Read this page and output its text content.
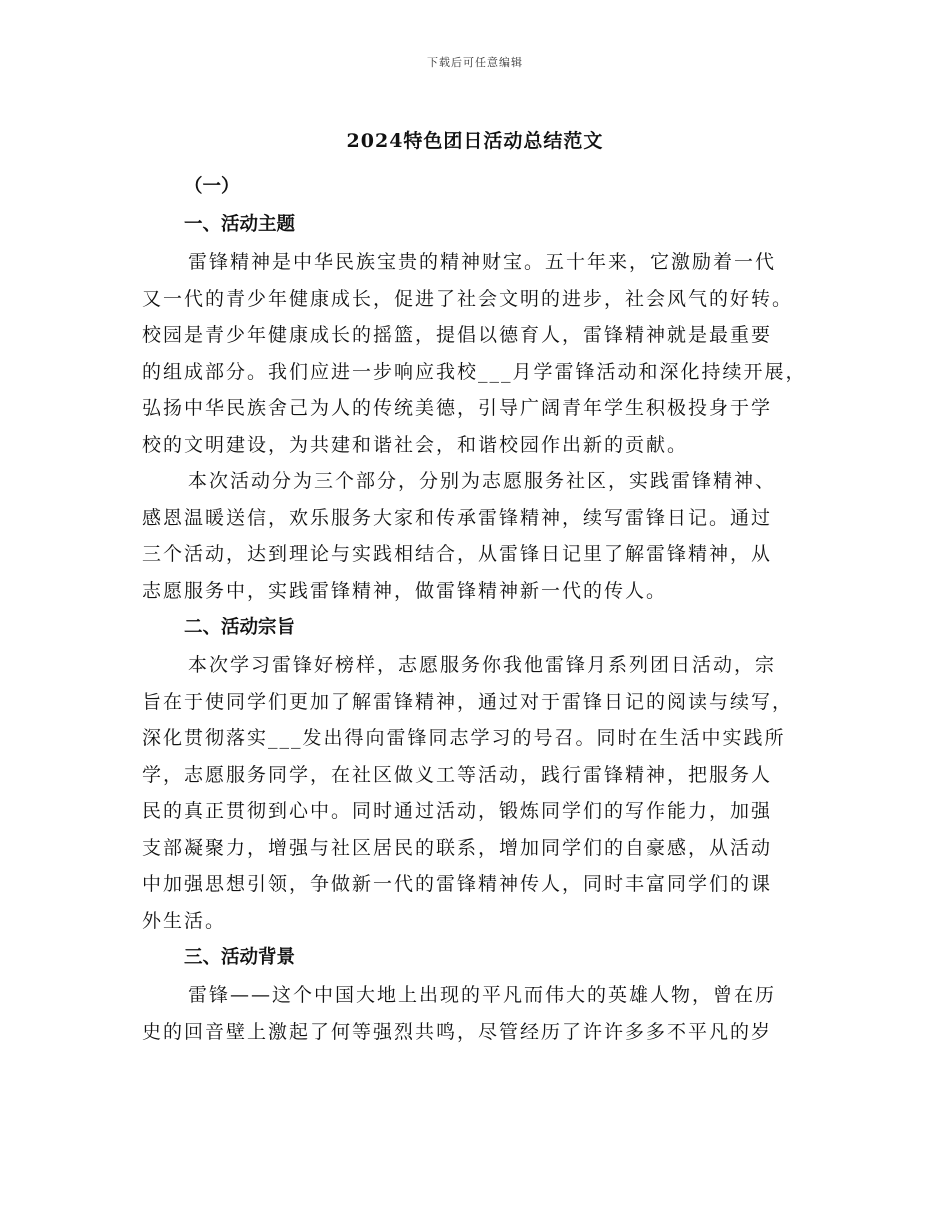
下载后可任意编辑
2024特色团日活动总结范文
（一）
一、活动主题

雷锋精神是中华民族宝贵的精神财宝。五十年来，它激励着一代
又一代的青少年健康成长，促进了社会文明的进步，社会风气的好转。
校园是青少年健康成长的摇篮，提倡以德育人，雷锋精神就是最重要
的组成部分。我们应进一步响应我校___月学雷锋活动和深化持续开展，
弘扬中华民族舍己为人的传统美德，引导广阔青年学生积极投身于学
校的文明建设，为共建和谐社会，和谐校园作出新的贡献。

本次活动分为三个部分，分别为志愿服务社区，实践雷锋精神、
感恩温暖送信，欢乐服务大家和传承雷锋精神，续写雷锋日记。通过
三个活动，达到理论与实践相结合，从雷锋日记里了解雷锋精神，从
志愿服务中，实践雷锋精神，做雷锋精神新一代的传人。

二、活动宗旨

本次学习雷锋好榜样，志愿服务你我他雷锋月系列团日活动，宗
旨在于使同学们更加了解雷锋精神，通过对于雷锋日记的阅读与续写，
深化贯彻落实___发出得向雷锋同志学习的号召。同时在生活中实践所
学，志愿服务同学，在社区做义工等活动，践行雷锋精神，把服务人
民的真正贯彻到心中。同时通过活动，锻炼同学们的写作能力，加强
支部凝聚力，增强与社区居民的联系，增加同学们的自豪感，从活动
中加强思想引领，争做新一代的雷锋精神传人，同时丰富同学们的课
外生活。

三、活动背景

雷锋——这个中国大地上出现的平凡而伟大的英雄人物，曾在历
史的回音壁上激起了何等强烈共鸣，尽管经历了许许多多不平凡的岁
